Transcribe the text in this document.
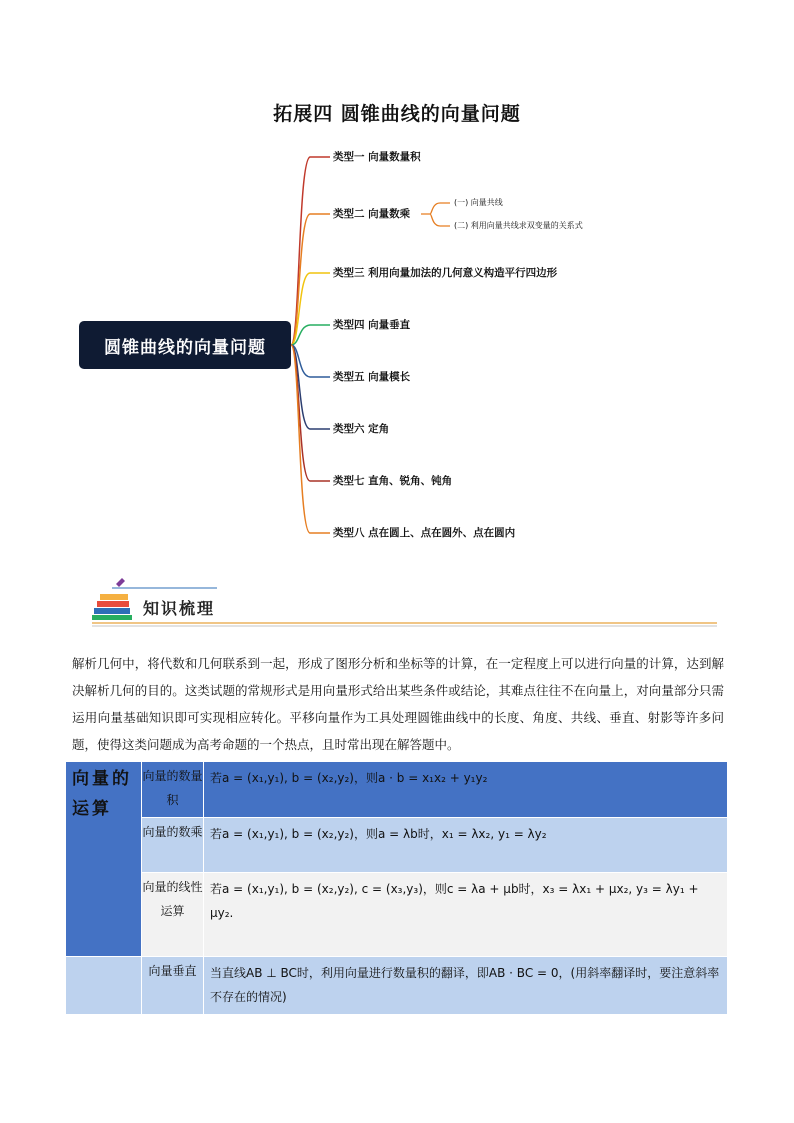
拓展四 圆锥曲线的向量问题
圆锥曲线的向量问题
类型一 向量数量积
类型二 向量数乘
类型三 利用向量加法的几何意义构造平行四边形
类型四 向量垂直
类型五 向量模长
类型六 定角
类型七 直角、锐角、钝角
类型八 点在圆上、点在圆外、点在圆内
(一) 向量共线
(二) 利用向量共线求双变量的关系式
知识梳理
解析几何中，将代数和几何联系到一起，形成了图形分析和坐标等的计算，在一定程度上可以进行向量的计算，达到解决解析几何的目的。这类试题的常规形式是用向量形式给出某些条件或结论，其难点往往不在向量上，对向量部分只需运用向量基础知识即可实现相应转化。平移向量作为工具处理圆锥曲线中的长度、角度、共线、垂直、射影等许多问题，使得这类问题成为高考命题的一个热点，且时常出现在解答题中。
向量的运算	向量的数量积	若a = (x₁,y₁), b = (x₂,y₂)，则a · b = x₁x₂ + y₁y₂
	向量的数乘	若a = (x₁,y₁), b = (x₂,y₂)，则a = λb时，x₁ = λx₂, y₁ = λy₂
	向量的线性运算	若a = (x₁,y₁), b = (x₂,y₂), c = (x₃,y₃)，则c = λa + μb时，x₃ = λx₁ + μx₂, y₃ = λy₁ + μy₂.
	向量垂直	当直线AB ⊥ BC时，利用向量进行数量积的翻译，即AB · BC = 0，(用斜率翻译时，要注意斜率不存在的情况)
